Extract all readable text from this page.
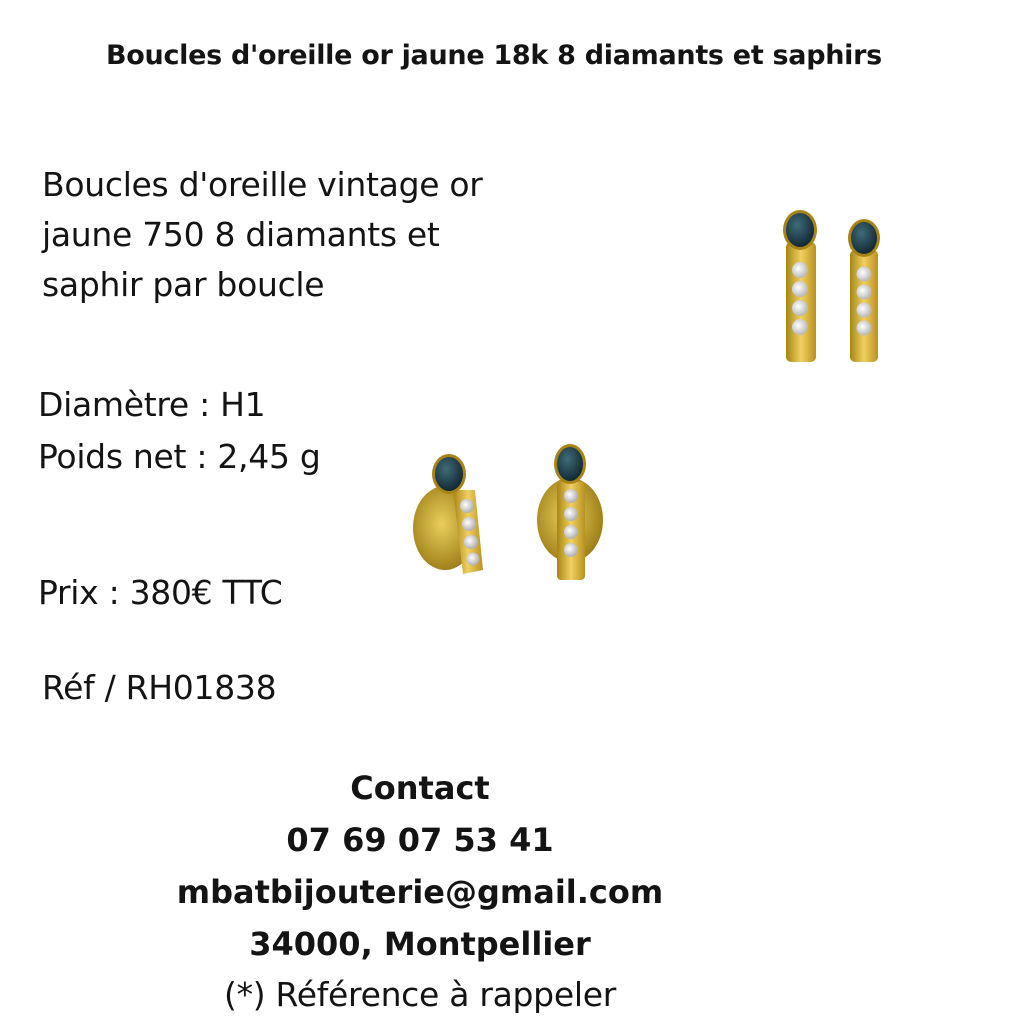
Boucles d'oreille or jaune 18k 8 diamants et saphirs
Boucles d'oreille vintage or
jaune 750 8 diamants et
saphir par boucle
Diamètre : H1
Poids net : 2,45 g
Prix : 380€ TTC
Réf / RH01838
Contact
07 69 07 53 41
mbatbijouterie@gmail.com
34000, Montpellier
(*) Référence à rappeler
